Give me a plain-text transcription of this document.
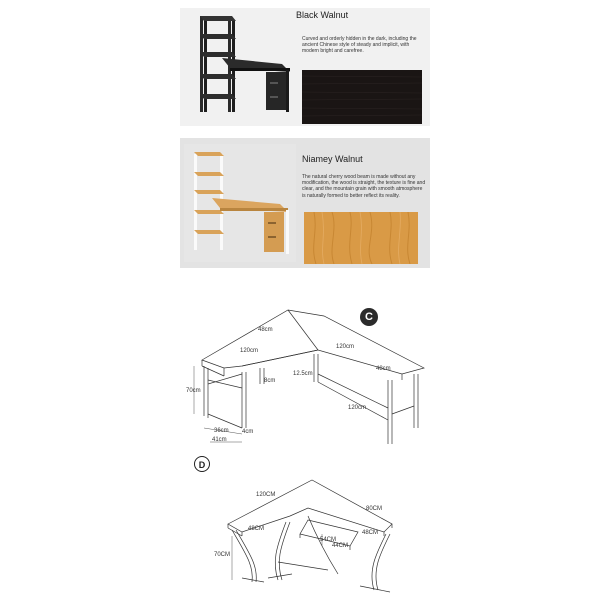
Black Walnut
Curved and orderly hidden in the dark, including the ancient Chinese style of steady and implicit, with modern bright and carefree.
Niamey Walnut
The natural cherry wood beam is made without any modification, the wood is straight, the texture is fine and clear, and the mountain grain with smooth atmosphere is naturally formed to better reflect its reality.
C
48cm
120cm
120cm
48cm
70cm
8cm
12.5cm
120cm
36cm 4cm
41cm
D
120CM
80CM
48CM
48CM
54CM
44CM
70CM
